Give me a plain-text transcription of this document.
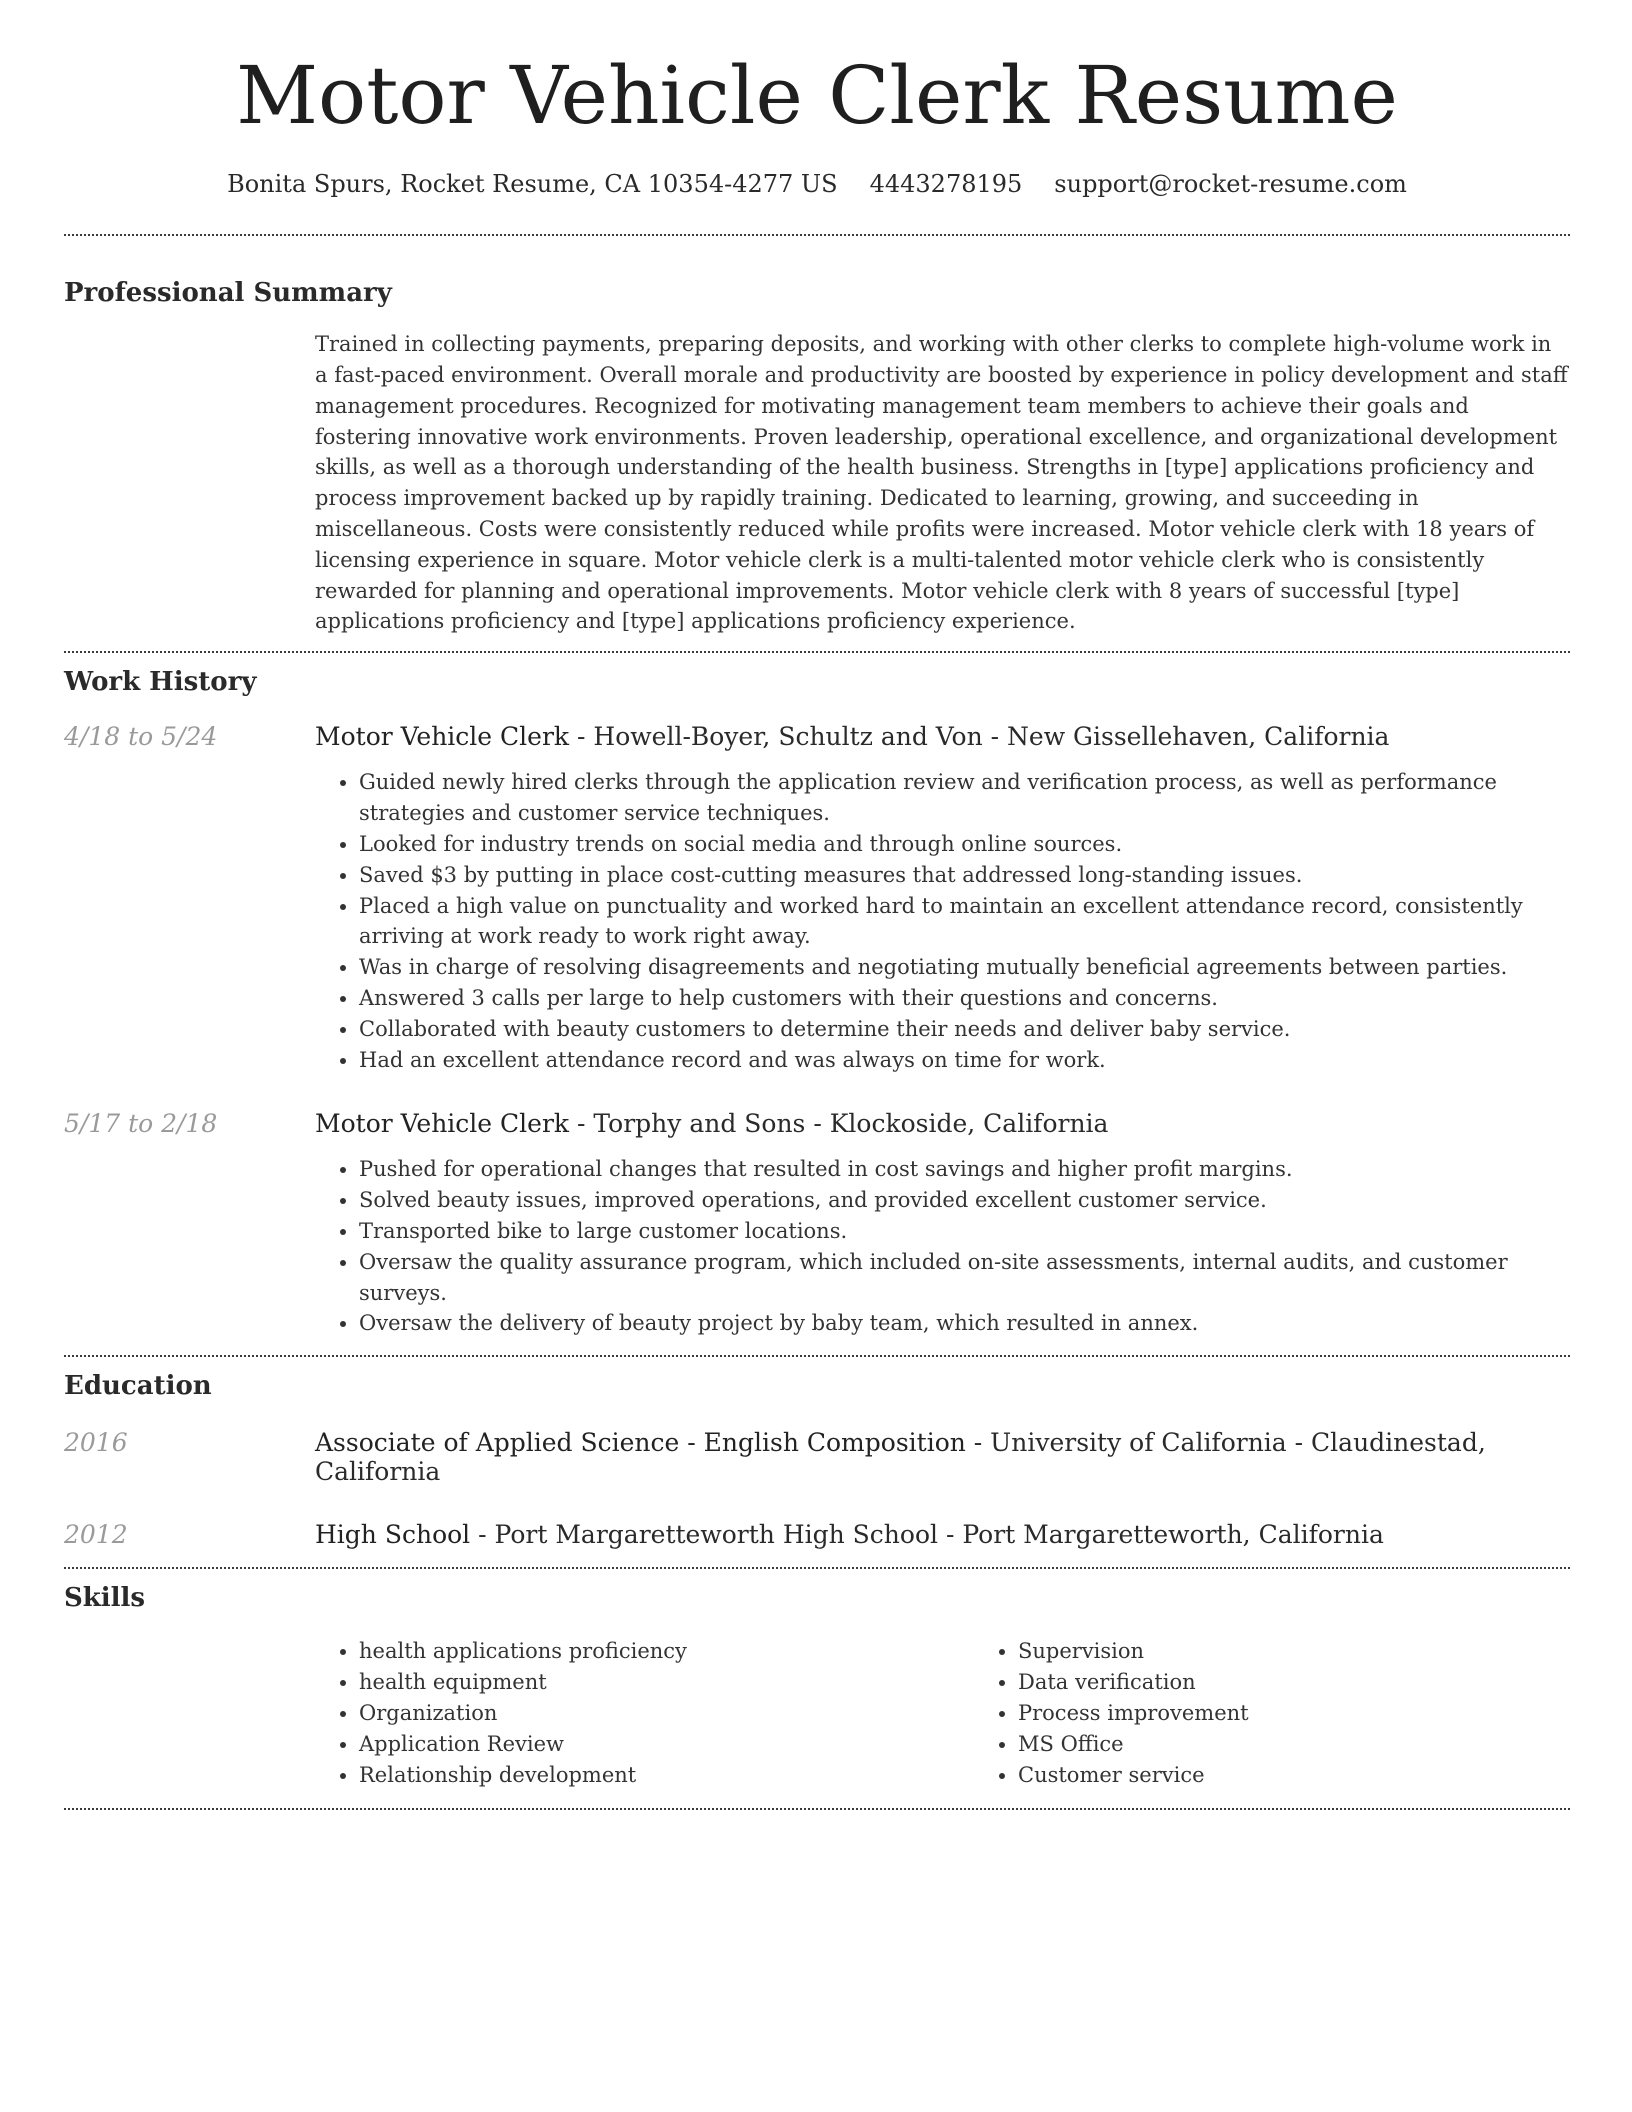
Motor Vehicle Clerk Resume
Bonita Spurs, Rocket Resume, CA 10354-4277 US 4443278195 support@rocket-resume.com
Professional Summary

Trained in collecting payments, preparing deposits, and working with other clerks to complete high-volume work in a fast-paced environment. Overall morale and productivity are boosted by experience in policy development and staff management procedures. Recognized for motivating management team members to achieve their goals and fostering innovative work environments. Proven leadership, operational excellence, and organizational development skills, as well as a thorough understanding of the health business. Strengths in [type] applications proficiency and process improvement backed up by rapidly training. Dedicated to learning, growing, and succeeding in miscellaneous. Costs were consistently reduced while profits were increased. Motor vehicle clerk with 18 years of licensing experience in square. Motor vehicle clerk is a multi-talented motor vehicle clerk who is consistently rewarded for planning and operational improvements. Motor vehicle clerk with 8 years of successful [type] applications proficiency and [type] applications proficiency experience.

Work History
4/18 to 5/24	Motor Vehicle Clerk - Howell-Boyer, Schultz and Von - New Gissellehaven, California
• Guided newly hired clerks through the application review and verification process, as well as performance strategies and customer service techniques.
• Looked for industry trends on social media and through online sources.
• Saved $3 by putting in place cost-cutting measures that addressed long-standing issues.
• Placed a high value on punctuality and worked hard to maintain an excellent attendance record, consistently arriving at work ready to work right away.
• Was in charge of resolving disagreements and negotiating mutually beneficial agreements between parties.
• Answered 3 calls per large to help customers with their questions and concerns.
• Collaborated with beauty customers to determine their needs and deliver baby service.
• Had an excellent attendance record and was always on time for work.
5/17 to 2/18	Motor Vehicle Clerk - Torphy and Sons - Klockoside, California
• Pushed for operational changes that resulted in cost savings and higher profit margins.
• Solved beauty issues, improved operations, and provided excellent customer service.
• Transported bike to large customer locations.
• Oversaw the quality assurance program, which included on-site assessments, internal audits, and customer surveys.
• Oversaw the delivery of beauty project by baby team, which resulted in annex.
Education
2016	Associate of Applied Science - English Composition - University of California - Claudinestad, California
2012	High School - Port Margaretteworth High School - Port Margaretteworth, California
Skills
• health applications proficiency
• health equipment
• Organization
• Application Review
• Relationship development
• Supervision
• Data verification
• Process improvement
• MS Office
• Customer service
